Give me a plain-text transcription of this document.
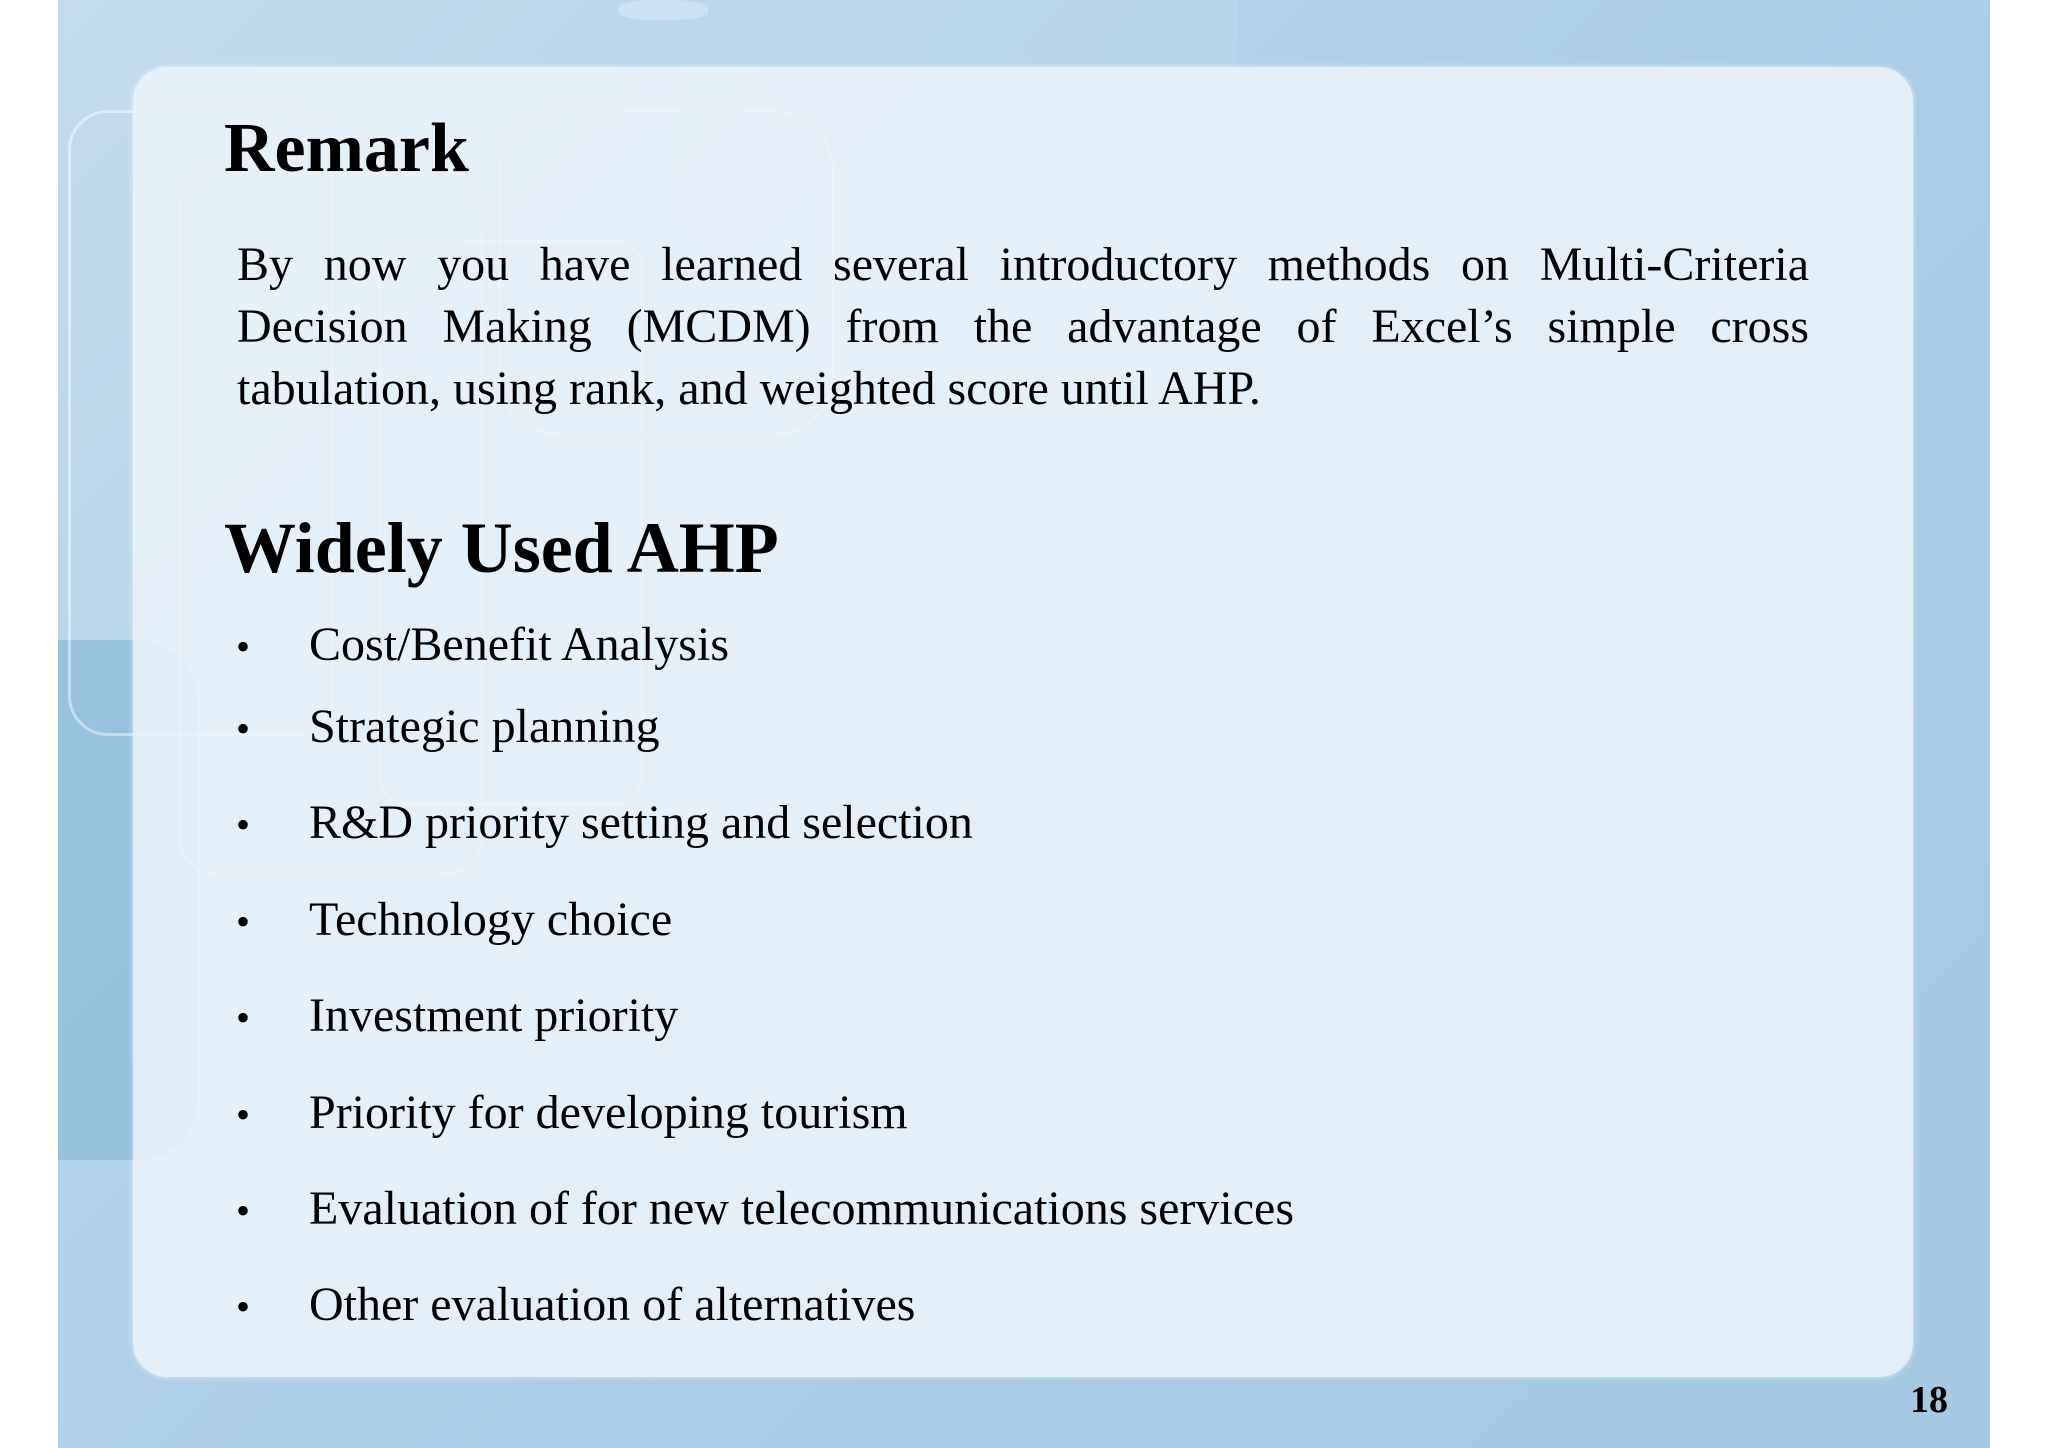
Remark

By now you have learned several introductory methods on Multi-Criteria Decision Making (MCDM) from the advantage of Excel’s simple cross tabulation, using rank, and weighted score until AHP.

Widely Used AHP
• Cost/Benefit Analysis
• Strategic planning
• R&D priority setting and selection
• Technology choice
• Investment priority
• Priority for developing tourism
• Evaluation of for new telecommunications services
• Other evaluation of alternatives
18
